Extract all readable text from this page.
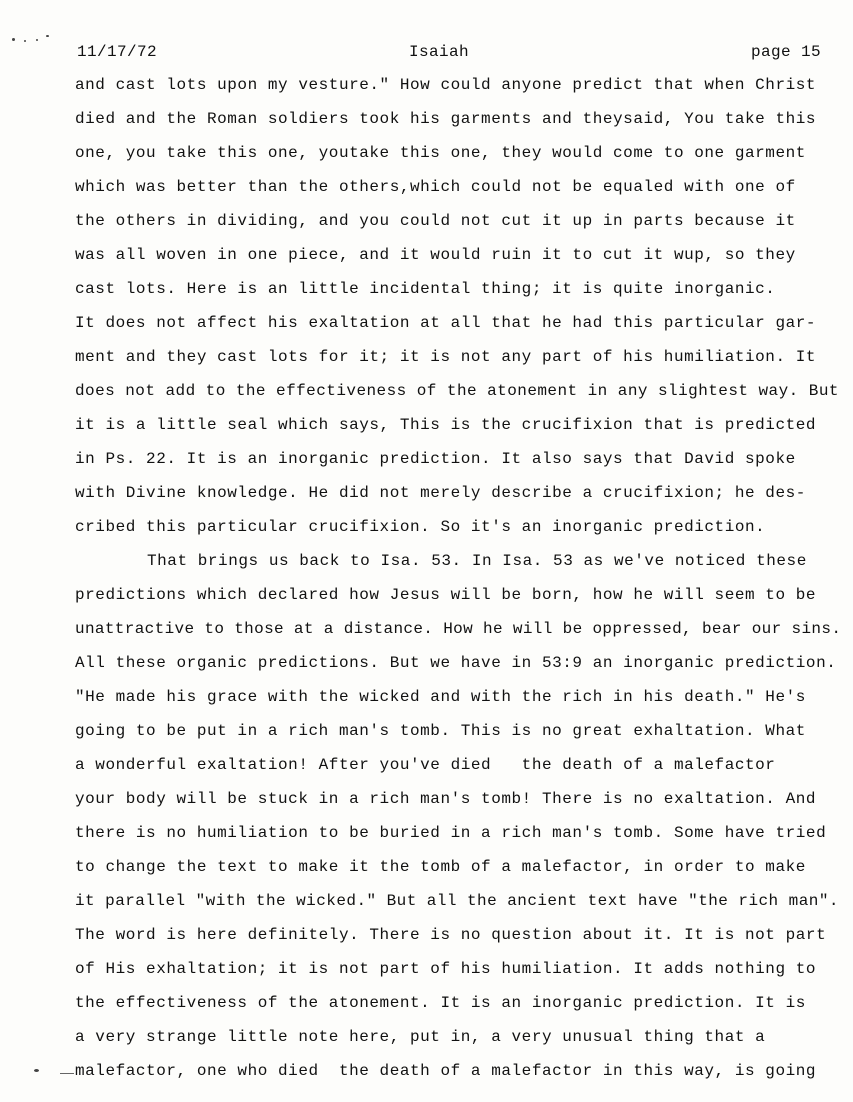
11/17/72	Isaiah	page 15
and cast lots upon my vesture." How could anyone predict that when Christ
died and the Roman soldiers took his garments and theysaid, You take this
one, you take this one, youtake this one, they would come to one garment
which was better than the others,which could not be equaled with one of
the others in dividing, and you could not cut it up in parts because it
was all woven in one piece, and it would ruin it to cut it wup, so they
cast lots. Here is an little incidental thing; it is quite inorganic.
It does not affect his exaltation at all that he had this particular gar-
ment and they cast lots for it; it is not any part of his humiliation. It
does not add to the effectiveness of the atonement in any slightest way. But
it is a little seal which says, This is the crucifixion that is predicted
in Ps. 22. It is an inorganic prediction. It also says that David spoke
with Divine knowledge. He did not merely describe a crucifixion; he des-
cribed this particular crucifixion. So it's an inorganic prediction.
That brings us back to Isa. 53. In Isa. 53 as we've noticed these
predictions which declared how Jesus will be born, how he will seem to be
unattractive to those at a distance. How he will be oppressed, bear our sins.
All these organic predictions. But we have in 53:9 an inorganic prediction.
"He made his grace with the wicked and with the rich in his death." He's
going to be put in a rich man's tomb. This is no great exhaltation. What
a wonderful exaltation! After you've died   the death of a malefactor
your body will be stuck in a rich man's tomb! There is no exaltation. And
there is no humiliation to be buried in a rich man's tomb. Some have tried
to change the text to make it the tomb of a malefactor, in order to make
it parallel "with the wicked." But all the ancient text have "the rich man".
The word is here definitely. There is no question about it. It is not part
of His exhaltation; it is not part of his humiliation. It adds nothing to
the effectiveness of the atonement. It is an inorganic prediction. It is
a very strange little note here, put in, a very unusual thing that a
malefactor, one who died  the death of a malefactor in this way, is going
